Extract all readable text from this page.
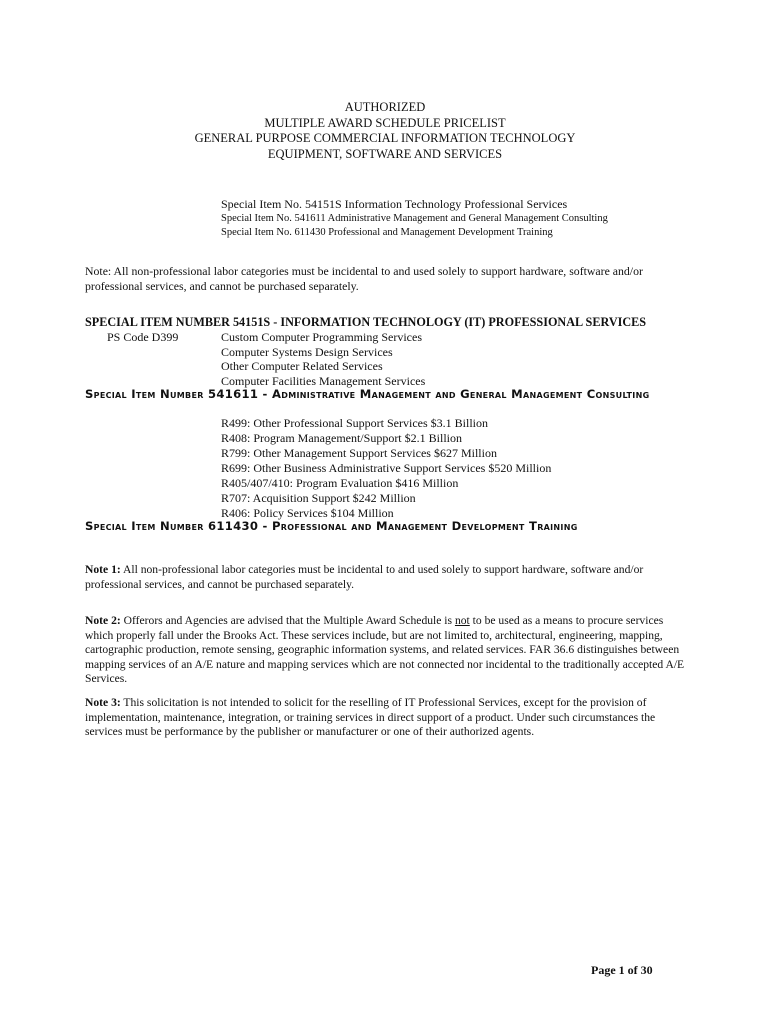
AUTHORIZED
MULTIPLE AWARD SCHEDULE PRICELIST
GENERAL PURPOSE COMMERCIAL INFORMATION TECHNOLOGY
EQUIPMENT, SOFTWARE AND SERVICES
Special Item No. 54151S Information Technology Professional Services
Special Item No. 541611 Administrative Management and General Management Consulting
Special Item No. 611430 Professional and Management Development Training
Note: All non-professional labor categories must be incidental to and used solely to support hardware, software and/or professional services, and cannot be purchased separately.
SPECIAL ITEM NUMBER 54151S - INFORMATION TECHNOLOGY (IT) PROFESSIONAL SERVICES
PS Code D399	Custom Computer Programming Services
Computer Systems Design Services
Other Computer Related Services
Computer Facilities Management Services
Special Item Number 541611 - Administrative Management and General Management Consulting
R499: Other Professional Support Services $3.1 Billion
R408: Program Management/Support $2.1 Billion
R799: Other Management Support Services $627 Million
R699: Other Business Administrative Support Services $520 Million
R405/407/410: Program Evaluation $416 Million
R707: Acquisition Support $242 Million
R406: Policy Services $104 Million
Special Item Number 611430 - Professional and Management Development Training
Note 1: All non-professional labor categories must be incidental to and used solely to support hardware, software and/or professional services, and cannot be purchased separately.
Note 2: Offerors and Agencies are advised that the Multiple Award Schedule is not to be used as a means to procure services which properly fall under the Brooks Act. These services include, but are not limited to, architectural, engineering, mapping, cartographic production, remote sensing, geographic information systems, and related services. FAR 36.6 distinguishes between mapping services of an A/E nature and mapping services which are not connected nor incidental to the traditionally accepted A/E Services.
Note 3: This solicitation is not intended to solicit for the reselling of IT Professional Services, except for the provision of implementation, maintenance, integration, or training services in direct support of a product. Under such circumstances the services must be performance by the publisher or manufacturer or one of their authorized agents.
Page 1 of 30
